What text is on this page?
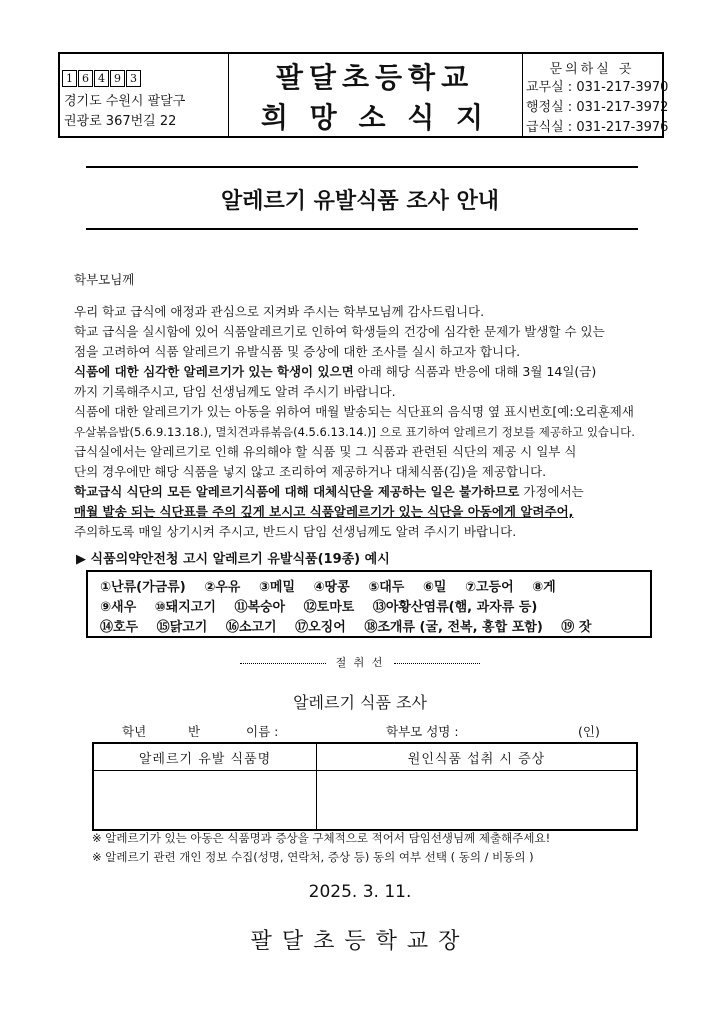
1 6 4 9 3
경기도 수원시 팔달구
권광로 367번길 22
팔달초등학교
희 망 소 식 지
문의하실 곳
교무실 : 031-217-3970
행정실 : 031-217-3972
급식실 : 031-217-3976
알레르기 유발식품 조사 안내
학부모님께
우리 학교 급식에 애정과 관심으로 지켜봐 주시는 학부모님께 감사드립니다.
학교 급식을 실시함에 있어 식품알레르기로 인하여 학생들의 건강에 심각한 문제가 발생할 수 있는
점을 고려하여 식품 알레르기 유발식품 및 증상에 대한 조사를 실시 하고자 합니다.
식품에 대한 심각한 알레르기가 있는 학생이 있으면 아래 해당 식품과 반응에 대해 3월 14일(금)
까지 기록해주시고, 담임 선생님께도 알려 주시기 바랍니다.
식품에 대한 알레르기가 있는 아동을 위하여 매월 발송되는 식단표의 음식명 옆 표시번호[예:오리훈제새
우살볶음밥(5.6.9.13.18.), 멸치견과류볶음(4.5.6.13.14.)] 으로 표기하여 알레르기 정보를 제공하고 있습니다.
급식실에서는 알레르기로 인해 유의해야 할 식품 및 그 식품과 관련된 식단의 제공 시 일부 식
단의 경우에만 해당 식품을 넣지 않고 조리하여 제공하거나 대체식품(김)을 제공합니다.
학교급식 식단의 모든 알레르기식품에 대해 대체식단을 제공하는 일은 불가하므로 가정에서는
매월 발송 되는 식단표를 주의 깊게 보시고 식품알레르기가 있는 식단을 아동에게 알려주어,
주의하도록 매일 상기시켜 주시고, 반드시 담임 선생님께도 알려 주시기 바랍니다.
▶ 식품의약안전청 고시 알레르기 유발식품(19종) 예시
①난류(가금류) ②우유 ③메밀 ④땅콩 ⑤대두 ⑥밀 ⑦고등어 ⑧게
⑨새우 ⑩돼지고기 ⑪복숭아 ⑫토마토 ⑬아황산염류(햄, 과자류 등)
⑭호두 ⑮닭고기 ⑯소고기 ⑰오징어 ⑱조개류 (굴, 전복, 홍합 포함) ⑲ 잣
절 취 선
알레르기 식품 조사
학년	반	이름 :	학부모 성명 :	(인)
알레르기 유발 식품명	원인식품 섭취 시 증상

※ 알레르기가 있는 아동은 식품명과 증상을 구체적으로 적어서 담임선생님께 제출해주세요!
※ 알레르기 관련 개인 정보 수집(성명, 연락처, 증상 등) 동의 여부 선택 ( 동의 / 비동의 )
2025. 3. 11.
팔달초등학교장
